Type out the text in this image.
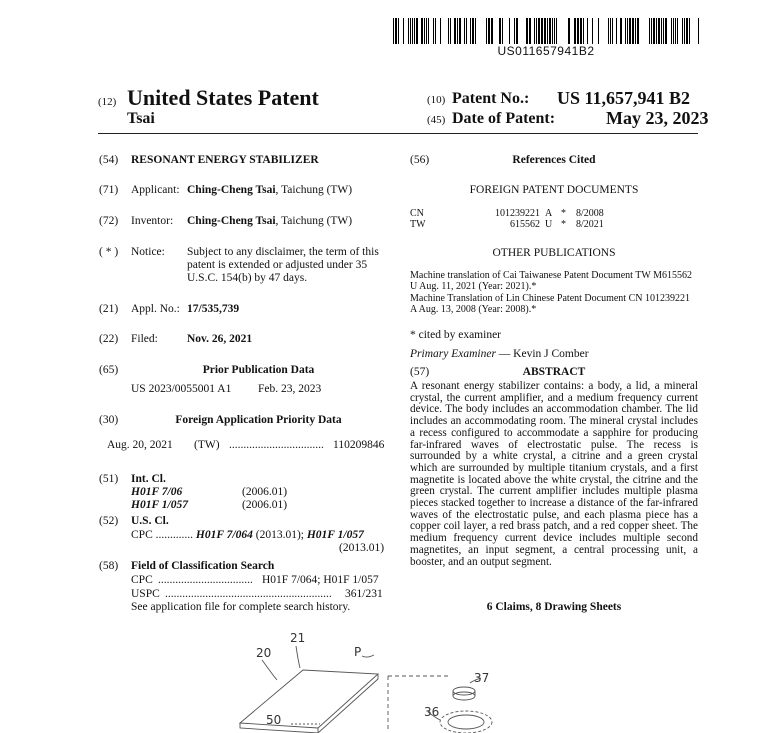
US011657941B2
(12) United States Patent
Tsai
(10) Patent No.: US 11,657,941 B2
(45) Date of Patent:	May 23, 2023
(54) RESONANT ENERGY STABILIZER
(71) Applicant: Ching-Cheng Tsai, Taichung (TW)
(72) Inventor: Ching-Cheng Tsai, Taichung (TW)
( * ) Notice: Subject to any disclaimer, the term of this
patent is extended or adjusted under 35
U.S.C. 154(b) by 47 days.
(21) Appl. No.: 17/535,739
(22) Filed:	Nov. 26, 2021
(65)	Prior Publication Data
US 2023/0055001 A1 Feb. 23, 2023
(30)	Foreign Application Priority Data
Aug. 20, 2021 (TW) ................................. 110209846
(51) Int. Cl.
H01F 7/06	(2006.01)
H01F 1/057	(2006.01)
(52) U.S. Cl.
CPC ............. H01F 7/064 (2013.01); H01F 1/057
(2013.01)
(58) Field of Classification Search
CPC ................................. H01F 7/064; H01F 1/057
USPC ..........................................................	361/231
See application file for complete search history.
(56)	References Cited
FOREIGN PATENT DOCUMENTS
CN	101239221 A * 8/2008
TW	615562 U * 8/2021
OTHER PUBLICATIONS
Machine translation of Cai Taiwanese Patent Document TW M615562
U Aug. 11, 2021 (Year: 2021).*
Machine Translation of Lin Chinese Patent Document CN 101239221
A Aug. 13, 2008 (Year: 2008).*
* cited by examiner
Primary Examiner — Kevin J Comber
(57)	ABSTRACT
A resonant energy stabilizer contains: a body, a lid, a mineral crystal, the current amplifier, and a medium frequency current device. The body includes an accommodation chamber. The lid includes an accommodating room. The mineral crystal includes a recess configured to accommodate a sapphire for producing far-infrared waves of electrostatic pulse. The recess is surrounded by a white crystal, a citrine and a green crystal which are surrounded by multiple titanium crystals, and a first magnetite is located above the white crystal, the citrine and the green crystal. The current amplifier includes multiple plasma pieces stacked together to increase a distance of the far-infrared waves of the electrostatic pulse, and each plasma piece has a copper coil layer, a red brass patch, and a red copper sheet. The medium frequency current device includes multiple second magnetites, an input segment, a central processing unit, a booster, and an output segment.
6 Claims, 8 Drawing Sheets
21
20	P
50
37
36
